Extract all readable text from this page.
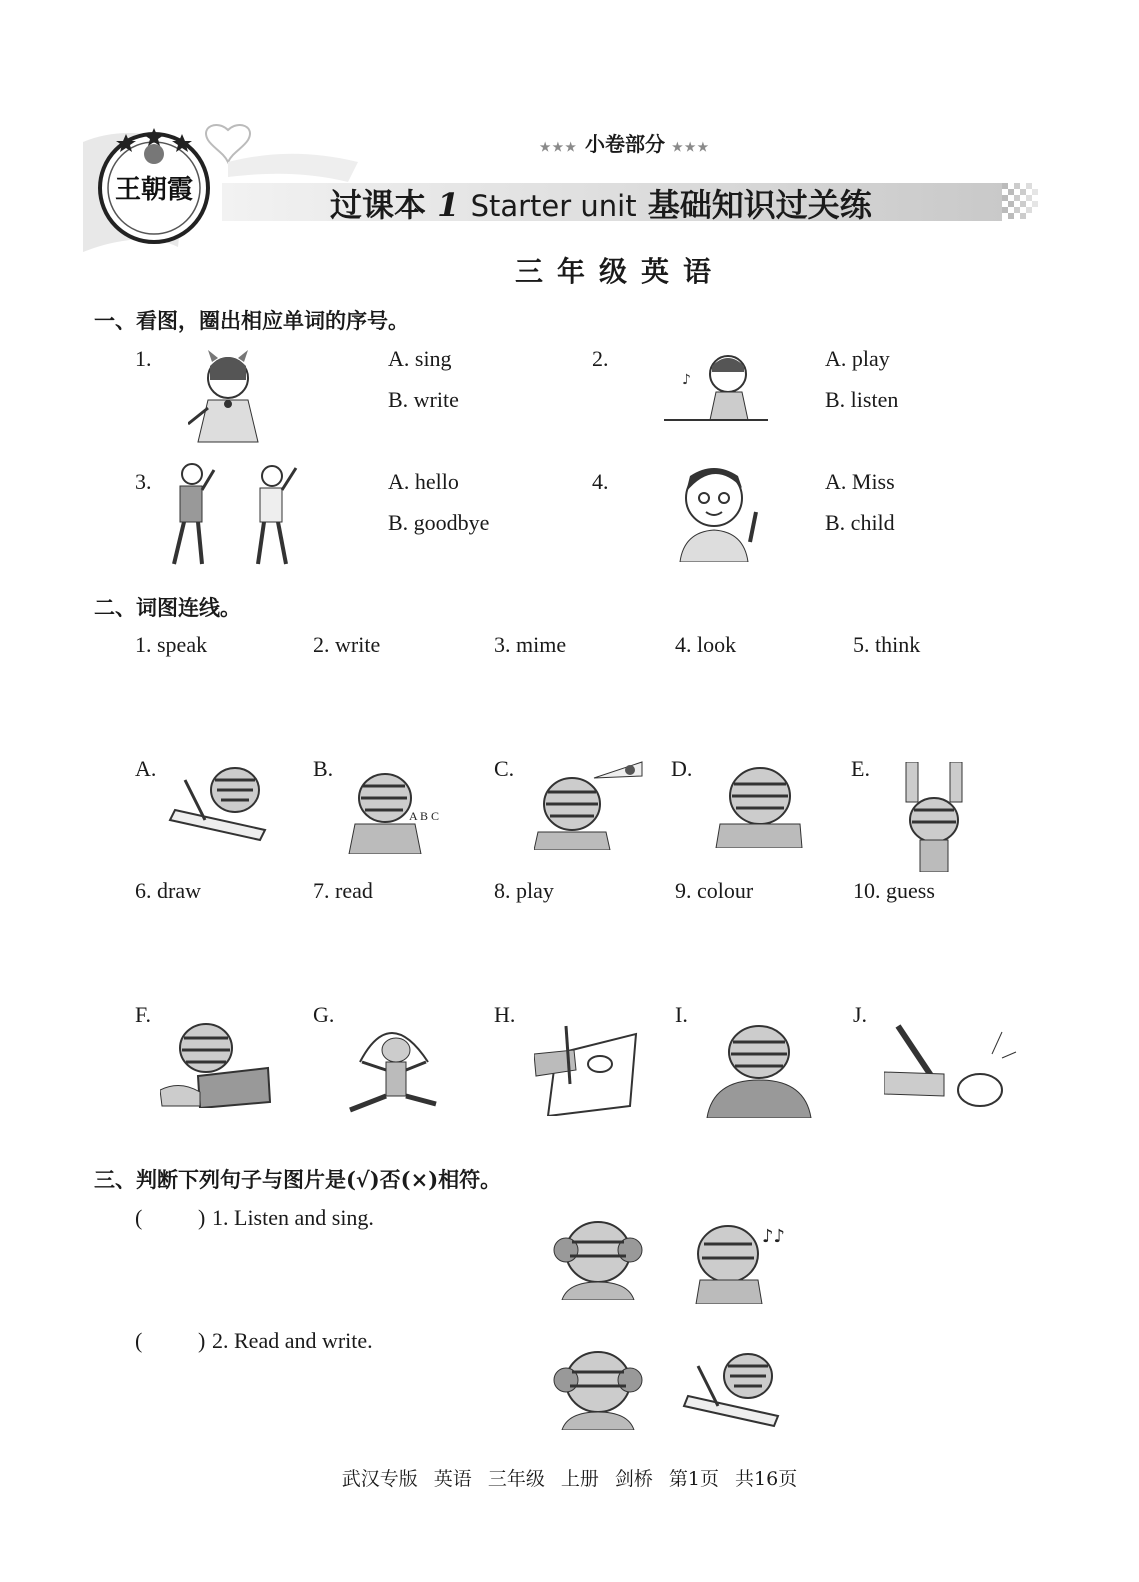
王朝霞
★★★ 小卷部分 ★★★
过课本 1 Starter unit 基础知识过关练
三年级英语
一、看图，圈出相应单词的序号。
1.	A. sing
B. write
2.
♪
A. play
B. listen
3.	A. hello
B. goodbye
4.	A. Miss
B. child
二、词图连线。
1. speak	2. write	3. mime	4. look	5. think
A.	B.	C.	D.	E.
A B C
6. draw	7. read	8. play	9. colour	10. guess
F.	G.	H.	I.	J.
三、判断下列句子与图片是(√)否(×)相符。
(	) 1. Listen and sing.
♪♪
(	) 2. Read and write.
武汉专版 英语 三年级 上册 剑桥 第1页 共16页
